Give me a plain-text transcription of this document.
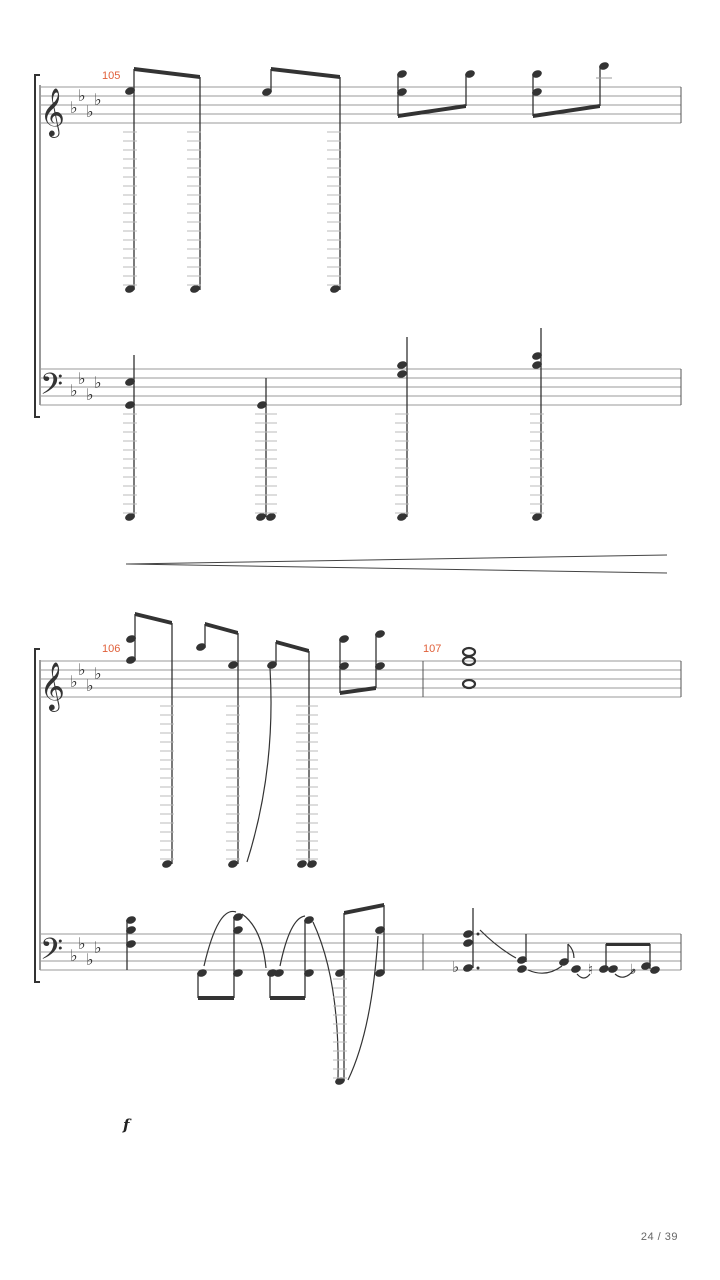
𝄞 ♭
♭
♭
♭
105
𝄢 ♭
♭
♭
♭
𝄞 ♭
♭
♭
♭
106	107
𝄢 ♭
♭
♭
♭
♭	♮	♭
f
24 / 39
